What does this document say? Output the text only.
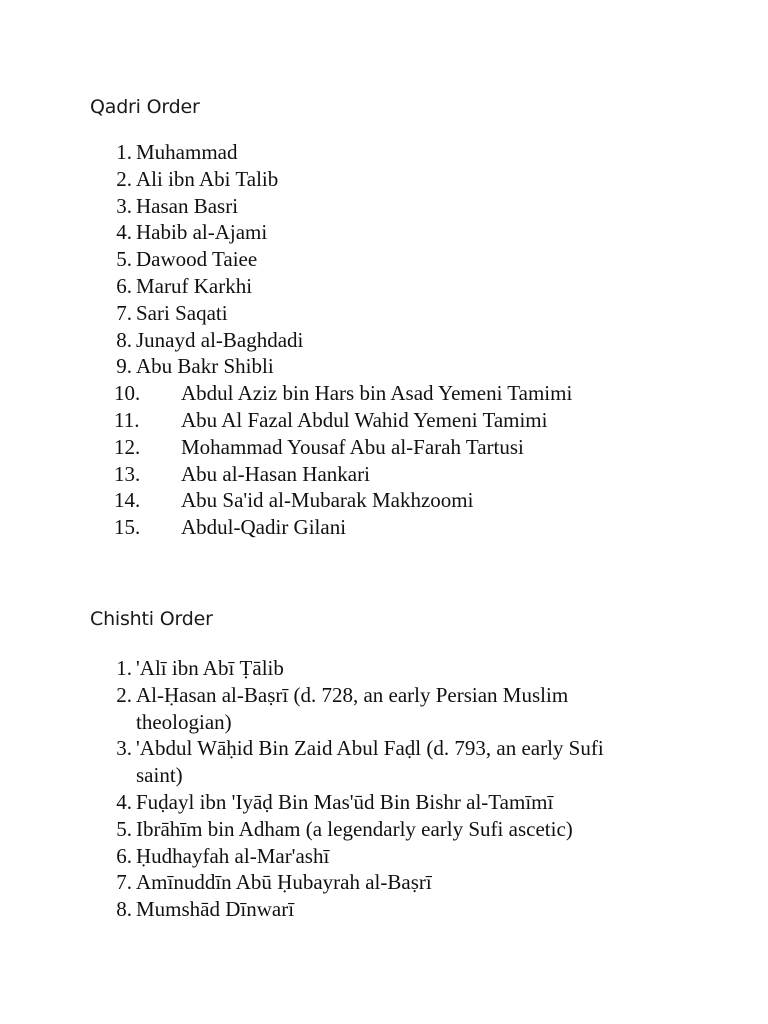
Qadri Order
1. Muhammad
2. Ali ibn Abi Talib
3. Hasan Basri
4. Habib al-Ajami
5. Dawood Taiee
6. Maruf Karkhi
7. Sari Saqati
8. Junayd al-Baghdadi
9. Abu Bakr Shibli
10. Abdul Aziz bin Hars bin Asad Yemeni Tamimi
11. Abu Al Fazal Abdul Wahid Yemeni Tamimi
12. Mohammad Yousaf Abu al-Farah Tartusi
13. Abu al-Hasan Hankari
14. Abu Sa'id al-Mubarak Makhzoomi
15. Abdul-Qadir Gilani
Chishti Order
1. 'Alī ibn Abī Ṭālib
2. Al-Ḥasan al-Baṣrī (d. 728, an early Persian Muslim theologian)
3. 'Abdul Wāḥid Bin Zaid Abul Faḍl (d. 793, an early Sufi saint)
4. Fuḍayl ibn 'Iyāḍ Bin Mas'ūd Bin Bishr al-Tamīmī
5. Ibrāhīm bin Adham (a legendarly early Sufi ascetic)
6. Ḥudhayfah al-Mar'ashī
7. Amīnuddīn Abū Ḥubayrah al-Baṣrī
8. Mumshād Dīnwarī
